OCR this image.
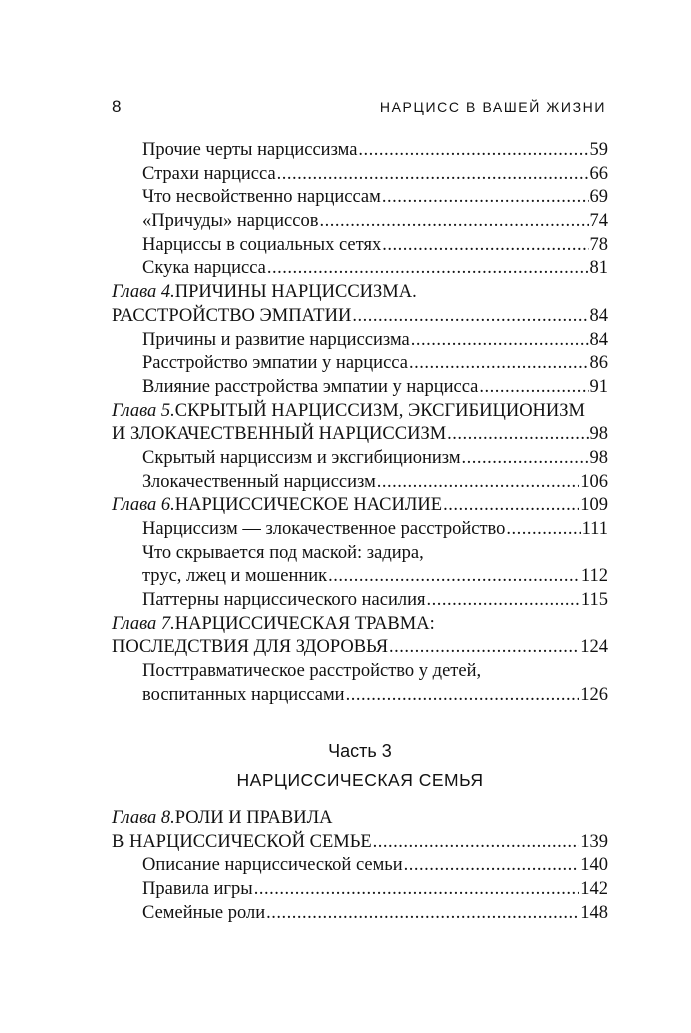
8	НАРЦИСС В ВАШЕЙ ЖИЗНИ
Прочие черты нарциссизма .....	59
Страхи нарцисса .....	66
Что несвойственно нарциссам .....	69
«Причуды» нарциссов .....	74
Нарциссы в социальных сетях .....	78
Скука нарцисса .....	81
Глава 4. ПРИЧИНЫ НАРЦИССИЗМА.
РАССТРОЙСТВО ЭМПАТИИ .....	84
Причины и развитие нарциссизма .....	84
Расстройство эмпатии у нарцисса .....	86
Влияние расстройства эмпатии у нарцисса .....	91
Глава 5. СКРЫТЫЙ НАРЦИССИЗМ, ЭКСГИБИЦИОНИЗМ
И ЗЛОКАЧЕСТВЕННЫЙ НАРЦИССИЗМ .....	98
Скрытый нарциссизм и эксгибиционизм .....	98
Злокачественный нарциссизм .....	106
Глава 6. НАРЦИССИЧЕСКОЕ НАСИЛИЕ .....	109
Нарциссизм — злокачественное расстройство .....	111
Что скрывается под маской: задира,
трус, лжец и мошенник .....	112
Паттерны нарциссического насилия .....	115
Глава 7. НАРЦИССИЧЕСКАЯ ТРАВМА:
ПОСЛЕДСТВИЯ ДЛЯ ЗДОРОВЬЯ .....	124
Посттравматическое расстройство у детей,
воспитанных нарциссами .....	126
Часть 3
НАРЦИССИЧЕСКАЯ СЕМЬЯ
Глава 8. РОЛИ И ПРАВИЛА
В НАРЦИССИЧЕСКОЙ СЕМЬЕ .....	139
Описание нарциссической семьи .....	140
Правила игры .....	142
Семейные роли .....	148
